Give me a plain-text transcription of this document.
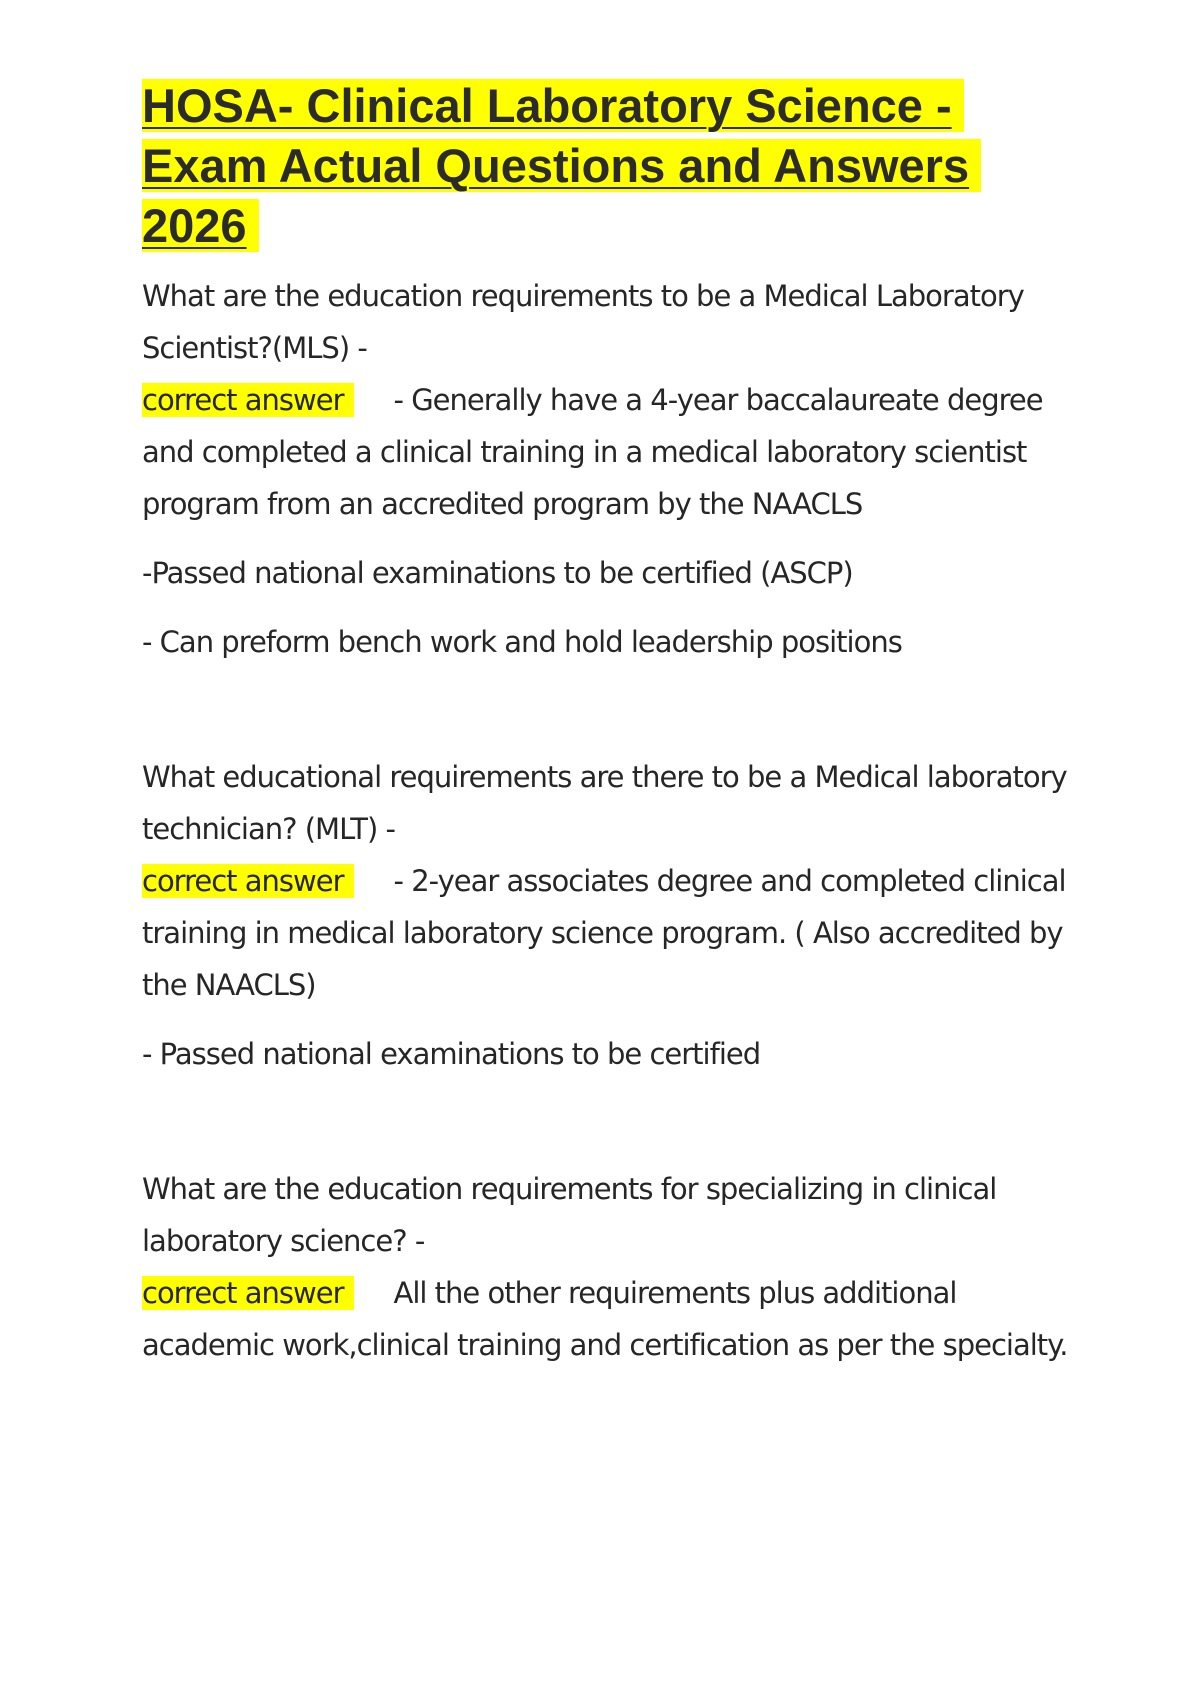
HOSA- Clinical Laboratory Science -
Exam Actual Questions and Answers
2026

What are the education requirements to be a Medical Laboratory Scientist?(MLS) -

correct answer - Generally have a 4-year baccalaureate degree and completed a clinical training in a medical laboratory scientist program from an accredited program by the NAACLS

-Passed national examinations to be certified (ASCP)

- Can preform bench work and hold leadership positions

What educational requirements are there to be a Medical laboratory technician? (MLT) -

correct answer - 2-year associates degree and completed clinical training in medical laboratory science program. ( Also accredited by the NAACLS)

- Passed national examinations to be certified

What are the education requirements for specializing in clinical laboratory science? -

correct answer All the other requirements plus additional academic work,clinical training and certification as per the specialty.
